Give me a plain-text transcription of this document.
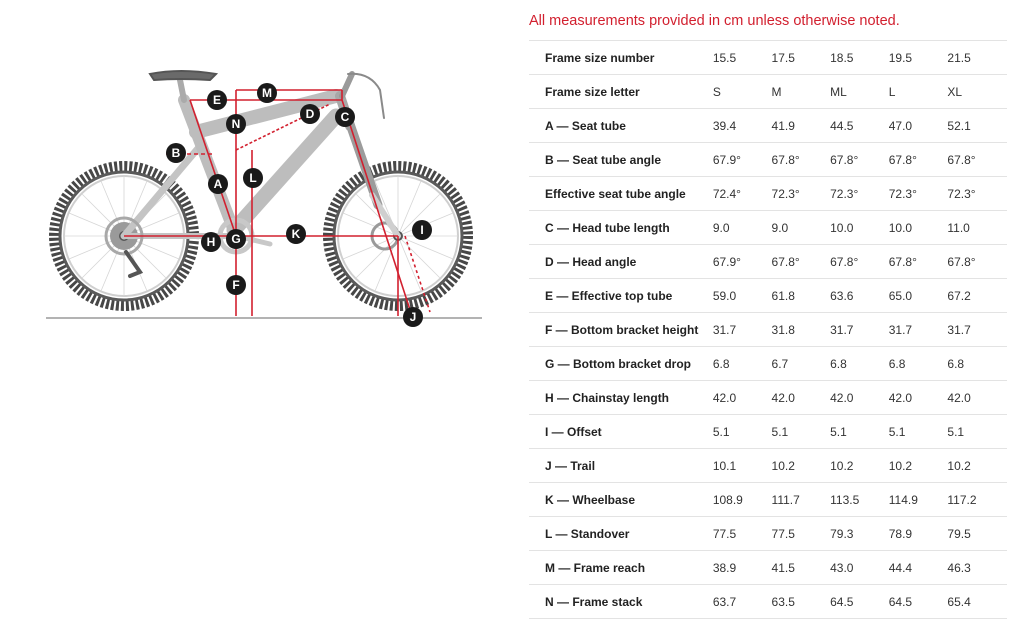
A
B
C
D
E
F
G
H
I
J
K
L
M
N
All measurements provided in cm unless otherwise noted.
Frame size number	15.5	17.5	18.5	19.5	21.5
Frame size letter	S	M	ML	L	XL
A — Seat tube	39.4	41.9	44.5	47.0	52.1
B — Seat tube angle	67.9°	67.8°	67.8°	67.8°	67.8°
Effective seat tube angle	72.4°	72.3°	72.3°	72.3°	72.3°
C — Head tube length	9.0	9.0	10.0	10.0	11.0
D — Head angle	67.9°	67.8°	67.8°	67.8°	67.8°
E — Effective top tube	59.0	61.8	63.6	65.0	67.2
F — Bottom bracket height	31.7	31.8	31.7	31.7	31.7
G — Bottom bracket drop	6.8	6.7	6.8	6.8	6.8
H — Chainstay length	42.0	42.0	42.0	42.0	42.0
I — Offset	5.1	5.1	5.1	5.1	5.1
J — Trail	10.1	10.2	10.2	10.2	10.2
K — Wheelbase	108.9	111.7	113.5	114.9	117.2
L — Standover	77.5	77.5	79.3	78.9	79.5
M — Frame reach	38.9	41.5	43.0	44.4	46.3
N — Frame stack	63.7	63.5	64.5	64.5	65.4
